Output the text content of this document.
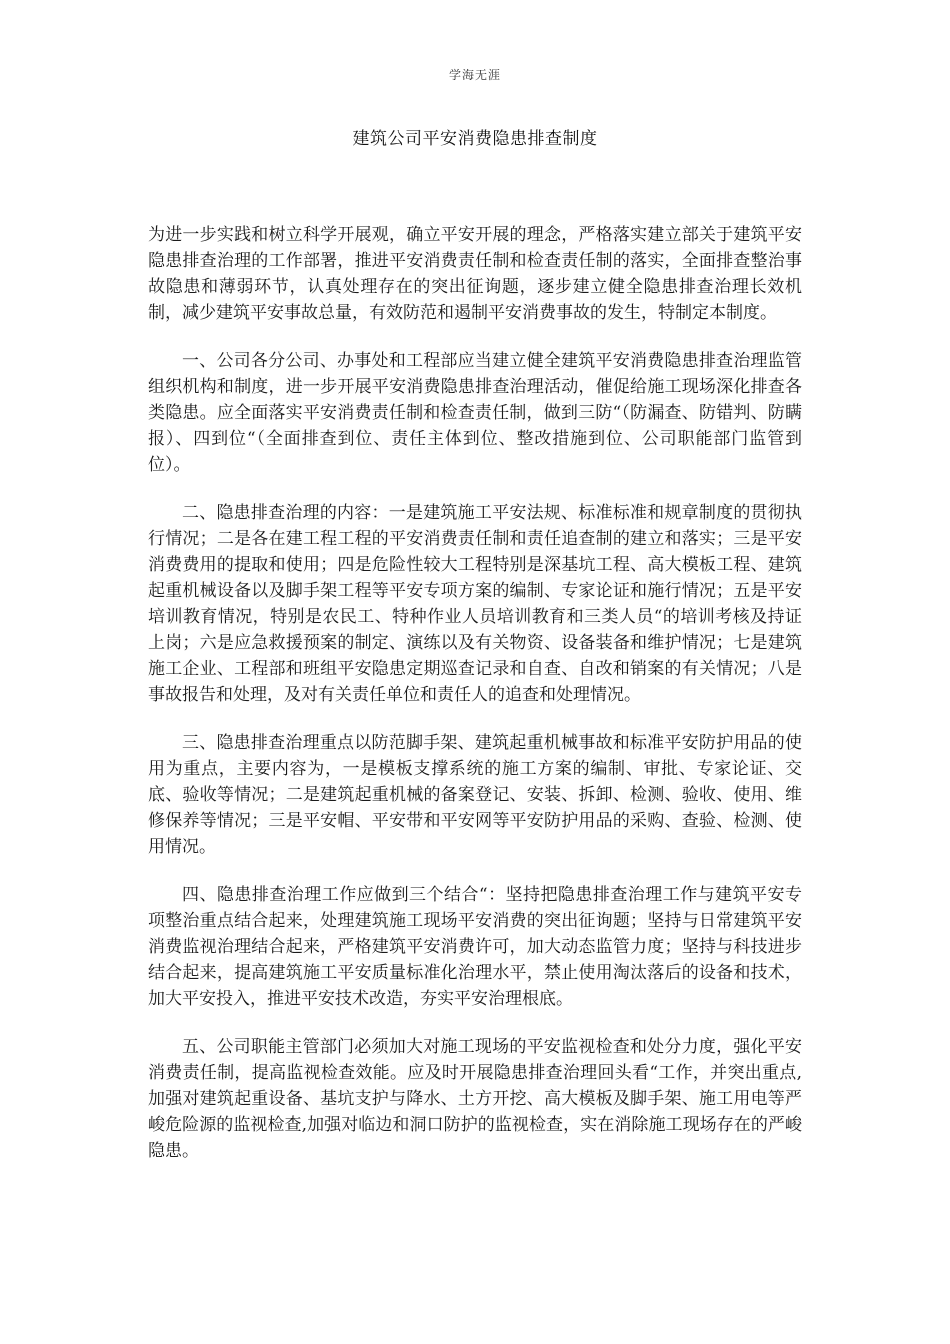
学海无涯
建筑公司平安消费隐患排查制度

为进一步实践和树立科学开展观，确立平安开展的理念，严格落实建立部关于建筑平安隐患排查治理的工作部署，推进平安消费责任制和检查责任制的落实，全面排查整治事故隐患和薄弱环节，认真处理存在的突出征询题，逐步建立健全隐患排查治理长效机制，减少建筑平安事故总量，有效防范和遏制平安消费事故的发生，特制定本制度。

一、公司各分公司、办事处和工程部应当建立健全建筑平安消费隐患排查治理监管组织机构和制度，进一步开展平安消费隐患排查治理活动，催促给施工现场深化排查各类隐患。应全面落实平安消费责任制和检查责任制，做到三防“（防漏查、防错判、防瞒报）、四到位“（全面排查到位、责任主体到位、整改措施到位、公司职能部门监管到位）。

二、隐患排查治理的内容：一是建筑施工平安法规、标准标准和规章制度的贯彻执行情况；二是各在建工程工程的平安消费责任制和责任追查制的建立和落实；三是平安消费费用的提取和使用；四是危险性较大工程特别是深基坑工程、高大模板工程、建筑起重机械设备以及脚手架工程等平安专项方案的编制、专家论证和施行情况；五是平安培训教育情况，特别是农民工、特种作业人员培训教育和三类人员“的培训考核及持证上岗；六是应急救援预案的制定、演练以及有关物资、设备装备和维护情况；七是建筑施工企业、工程部和班组平安隐患定期巡查记录和自查、自改和销案的有关情况；八是事故报告和处理，及对有关责任单位和责任人的追查和处理情况。

三、隐患排查治理重点以防范脚手架、建筑起重机械事故和标准平安防护用品的使用为重点，主要内容为，一是模板支撑系统的施工方案的编制、审批、专家论证、交底、验收等情况；二是建筑起重机械的备案登记、安装、拆卸、检测、验收、使用、维修保养等情况；三是平安帽、平安带和平安网等平安防护用品的采购、查验、检测、使用情况。

四、隐患排查治理工作应做到三个结合“：坚持把隐患排查治理工作与建筑平安专项整治重点结合起来，处理建筑施工现场平安消费的突出征询题；坚持与日常建筑平安消费监视治理结合起来，严格建筑平安消费许可，加大动态监管力度；坚持与科技进步结合起来，提高建筑施工平安质量标准化治理水平，禁止使用淘汰落后的设备和技术，加大平安投入，推进平安技术改造，夯实平安治理根底。

五、公司职能主管部门必须加大对施工现场的平安监视检查和处分力度，强化平安消费责任制，提高监视检查效能。应及时开展隐患排查治理回头看“工作，并突出重点,加强对建筑起重设备、基坑支护与降水、土方开挖、高大模板及脚手架、施工用电等严峻危险源的监视检查,加强对临边和洞口防护的监视检查，实在消除施工现场存在的严峻隐患。
